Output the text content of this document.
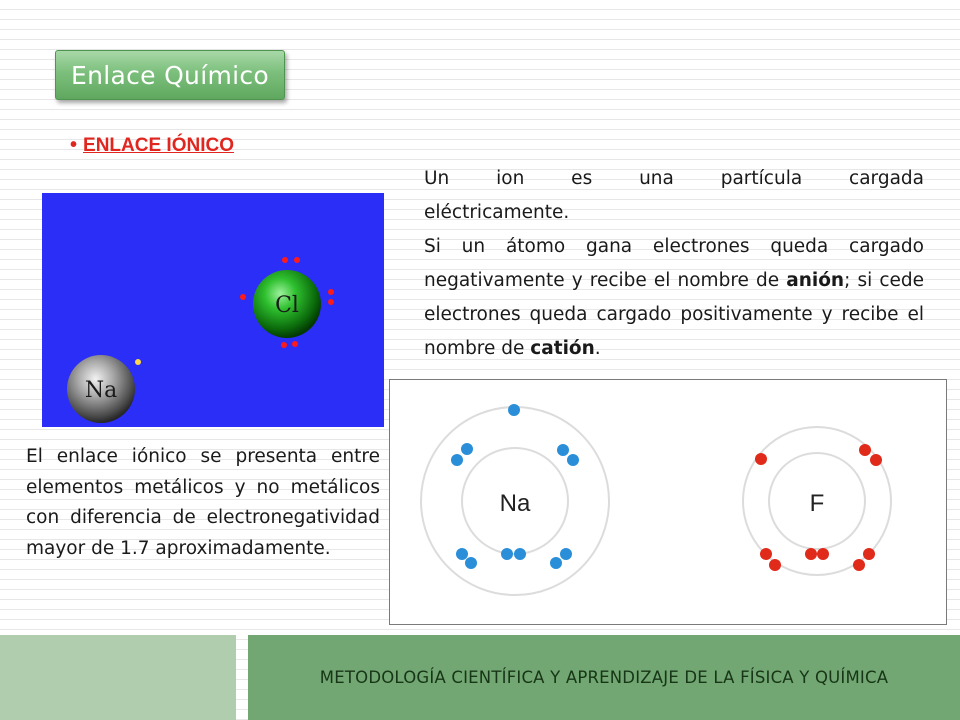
Enlace Químico
• ENLACE IÓNICO
Cl
Na

Un ion es una partícula cargada
eléctricamente.

Si un átomo gana electrones queda cargado negativamente y recibe el nombre de anión; si cede electrones queda cargado positivamente y recibe el nombre de catión.

El enlace iónico se presenta entre elementos metálicos y no metálicos con diferencia de electronegatividad mayor de 1.7 aproximadamente.
Na	F
METODOLOGÍA CIENTÍFICA Y APRENDIZAJE DE LA FÍSICA Y QUÍMICA
